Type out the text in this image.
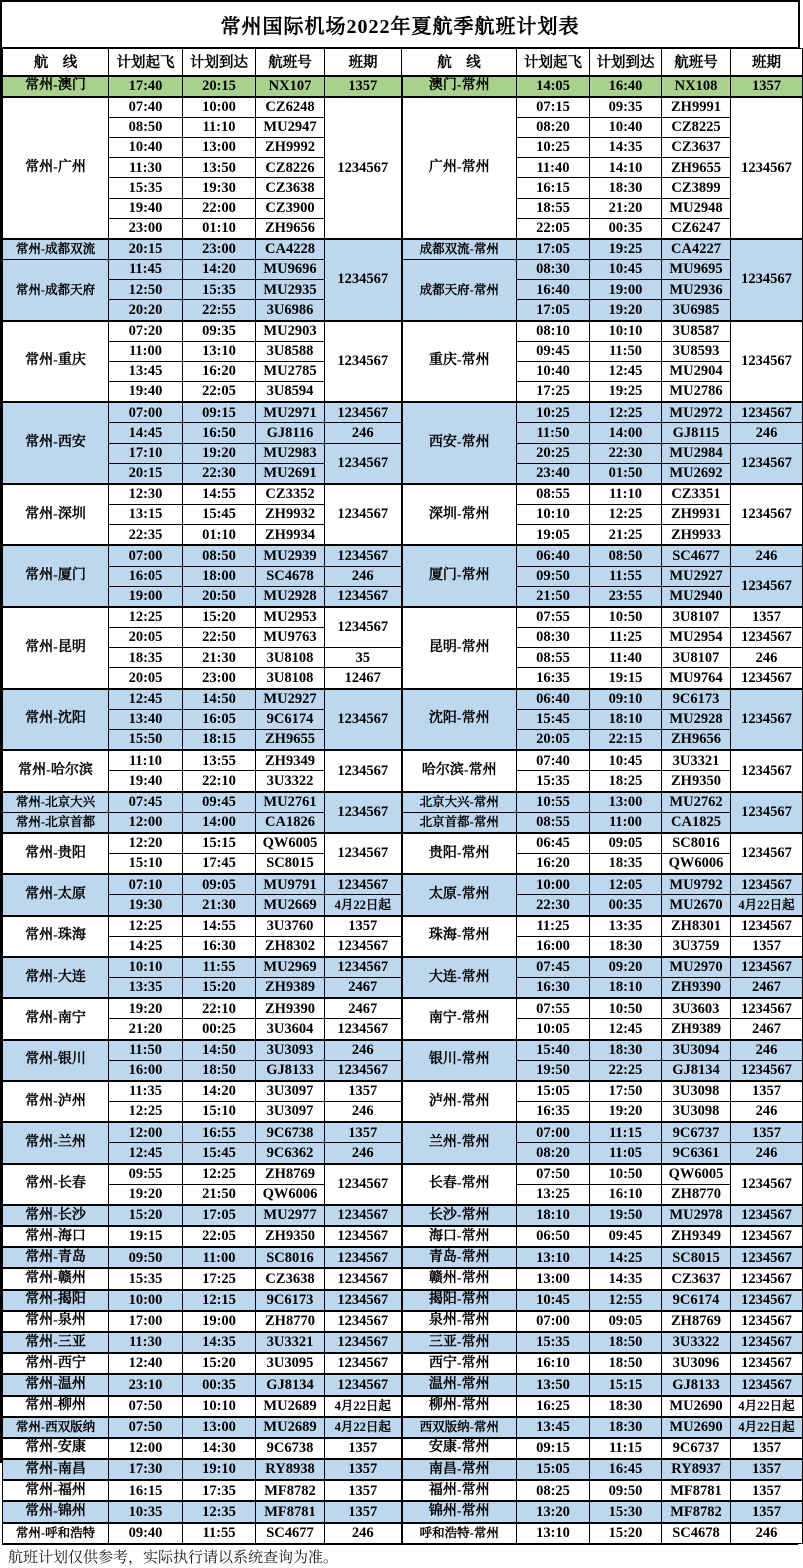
常州国际机场2022年夏航季航班计划表
航　线	计划起飞	计划到达	航班号	班期	航　线	计划起飞	计划到达	航班号	班期
常州-澳门	17:40	20:15	NX107	1357	澳门-常州	14:05	16:40	NX108	1357
常州-广州	07:40	10:00	CZ6248	1234567	广州-常州	07:15	09:35	ZH9991	1234567
	08:50	11:10	MU2947			08:20	10:40	CZ8225	
	10:40	13:00	ZH9992			10:25	14:35	CZ3637	
	11:30	13:50	CZ8226			11:40	14:10	ZH9655	
	15:35	19:30	CZ3638			16:15	18:30	CZ3899	
	19:40	22:00	CZ3900			18:55	21:20	MU2948	
	23:00	01:10	ZH9656			22:05	00:35	CZ6247	
常州-成都双流	20:15	23:00	CA4228	1234567	成都双流-常州	17:05	19:25	CA4227	1234567
常州-成都天府	11:45	14:20	MU9696		成都天府-常州	08:30	10:45	MU9695	
	12:50	15:35	MU2935			16:40	19:00	MU2936	
	20:20	22:55	3U6986			17:05	19:20	3U6985	
常州-重庆	07:20	09:35	MU2903	1234567	重庆-常州	08:10	10:10	3U8587	1234567
	11:00	13:10	3U8588			09:45	11:50	3U8593	
	13:45	16:20	MU2785			10:40	12:45	MU2904	
	19:40	22:05	3U8594			17:25	19:25	MU2786	
常州-西安	07:00	09:15	MU2971	1234567	西安-常州	10:25	12:25	MU2972	1234567
	14:45	16:50	GJ8116	246		11:50	14:00	GJ8115	246
	17:10	19:20	MU2983	1234567		20:25	22:30	MU2984	1234567
	20:15	22:30	MU2691			23:40	01:50	MU2692	
常州-深圳	12:30	14:55	CZ3352	1234567	深圳-常州	08:55	11:10	CZ3351	1234567
	13:15	15:45	ZH9932			10:10	12:25	ZH9931	
	22:35	01:10	ZH9934			19:05	21:25	ZH9933	
常州-厦门	07:00	08:50	MU2939	1234567	厦门-常州	06:40	08:50	SC4677	246
	16:05	18:00	SC4678	246		09:50	11:55	MU2927	1234567
	19:00	20:50	MU2928	1234567		21:50	23:55	MU2940	
常州-昆明	12:25	15:20	MU2953	1234567	昆明-常州	07:55	10:50	3U8107	1357
	20:05	22:50	MU9763			08:30	11:25	MU2954	1234567
	18:35	21:30	3U8108	35		08:55	11:40	3U8107	246
	20:05	23:00	3U8108	12467		16:35	19:15	MU9764	1234567
常州-沈阳	12:45	14:50	MU2927	1234567	沈阳-常州	06:40	09:10	9C6173	1234567
	13:40	16:05	9C6174			15:45	18:10	MU2928	
	15:50	18:15	ZH9655			20:05	22:15	ZH9656	
常州-哈尔滨	11:10	13:55	ZH9349	1234567	哈尔滨-常州	07:40	10:45	3U3321	1234567
	19:40	22:10	3U3322			15:35	18:25	ZH9350	
常州-北京大兴	07:45	09:45	MU2761	1234567	北京大兴-常州	10:55	13:00	MU2762	1234567
常州-北京首都	12:00	14:00	CA1826		北京首都-常州	08:55	11:00	CA1825	
常州-贵阳	12:20	15:15	QW6005	1234567	贵阳-常州	06:45	09:05	SC8016	1234567
	15:10	17:45	SC8015			16:20	18:35	QW6006	
常州-太原	07:10	09:05	MU9791	1234567	太原-常州	10:00	12:05	MU9792	1234567
	19:30	21:30	MU2669	4月22日起		22:30	00:35	MU2670	4月22日起
常州-珠海	12:25	14:55	3U3760	1357	珠海-常州	11:25	13:35	ZH8301	1234567
	14:25	16:30	ZH8302	1234567		16:00	18:30	3U3759	1357
常州-大连	10:10	11:55	MU2969	1234567	大连-常州	07:45	09:20	MU2970	1234567
	13:35	15:20	ZH9389	2467		16:30	18:10	ZH9390	2467
常州-南宁	19:20	22:10	ZH9390	2467	南宁-常州	07:55	10:50	3U3603	1234567
	21:20	00:25	3U3604	1234567		10:05	12:45	ZH9389	2467
常州-银川	11:50	14:50	3U3093	246	银川-常州	15:40	18:30	3U3094	246
	16:00	18:50	GJ8133	1234567		19:50	22:25	GJ8134	1234567
常州-泸州	11:35	14:20	3U3097	1357	泸州-常州	15:05	17:50	3U3098	1357
	12:25	15:10	3U3097	246		16:35	19:20	3U3098	246
常州-兰州	12:00	16:55	9C6738	1357	兰州-常州	07:00	11:15	9C6737	1357
	12:45	15:45	9C6362	246		08:20	11:05	9C6361	246
常州-长春	09:55	12:25	ZH8769	1234567	长春-常州	07:50	10:50	QW6005	1234567
	19:20	21:50	QW6006			13:25	16:10	ZH8770	
常州-长沙	15:20	17:05	MU2977	1234567	长沙-常州	18:10	19:50	MU2978	1234567
常州-海口	19:15	22:05	ZH9350	1234567	海口-常州	06:50	09:45	ZH9349	1234567
常州-青岛	09:50	11:00	SC8016	1234567	青岛-常州	13:10	14:25	SC8015	1234567
常州-赣州	15:35	17:25	CZ3638	1234567	赣州-常州	13:00	14:35	CZ3637	1234567
常州-揭阳	10:00	12:15	9C6173	1234567	揭阳-常州	10:45	12:55	9C6174	1234567
常州-泉州	17:00	19:00	ZH8770	1234567	泉州-常州	07:00	09:05	ZH8769	1234567
常州-三亚	11:30	14:35	3U3321	1234567	三亚-常州	15:35	18:50	3U3322	1234567
常州-西宁	12:40	15:20	3U3095	1234567	西宁-常州	16:10	18:50	3U3096	1234567
常州-温州	23:10	00:35	GJ8134	1234567	温州-常州	13:50	15:15	GJ8133	1234567
常州-柳州	07:50	10:10	MU2689	4月22日起	柳州-常州	16:25	18:30	MU2690	4月22日起
常州-西双版纳	07:50	13:00	MU2689	4月22日起	西双版纳-常州	13:45	18:30	MU2690	4月22日起
常州-安康	12:00	14:30	9C6738	1357	安康-常州	09:15	11:15	9C6737	1357
常州-南昌	17:30	19:10	RY8938	1357	南昌-常州	15:05	16:45	RY8937	1357
常州-福州	16:15	17:35	MF8782	1357	福州-常州	08:25	09:50	MF8781	1357
常州-锦州	10:35	12:35	MF8781	1357	锦州-常州	13:20	15:30	MF8782	1357
常州-呼和浩特	09:40	11:55	SC4677	246	呼和浩特-常州	13:10	15:20	SC4678	246
航班计划仅供参考，实际执行请以系统查询为准。
